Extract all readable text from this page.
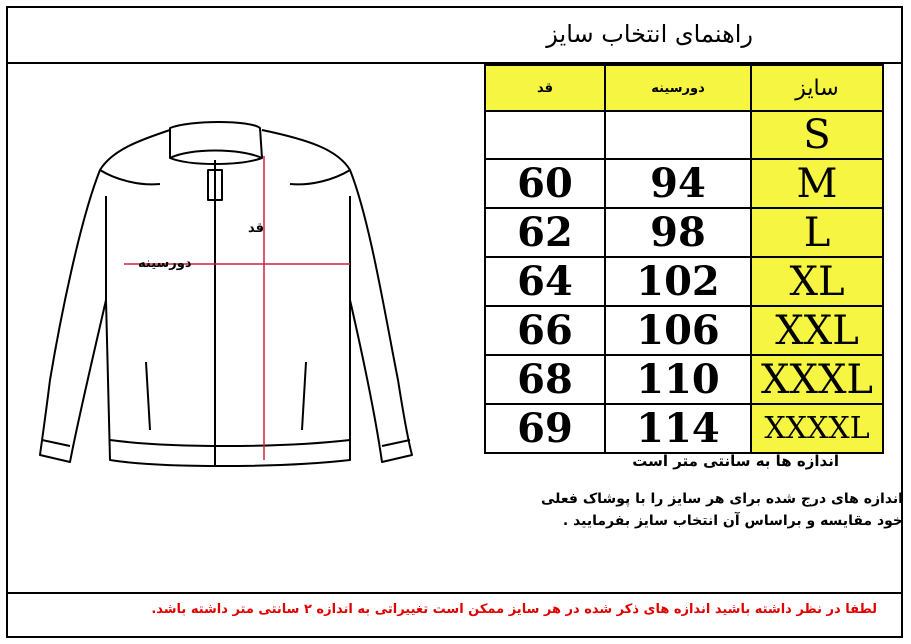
راهنمای انتخاب سایز
قد
دورسینه
قد	دورسینه	سایز
		S
60	94	M
62	98	L
64	102	XL
66	106	XXL
68	110	XXXL
69	114	XXXXL
اندازه ها به سانتی متر است
اندازه های درج شده برای هر سایز را با پوشاک فعلی
خود مقایسه و براساس آن انتخاب سایز بفرمایید .
لطفا در نظر داشته باشید اندازه های ذکر شده در هر سایز ممکن است تغییراتی به اندازه ۲ سانتی متر داشته باشد.
